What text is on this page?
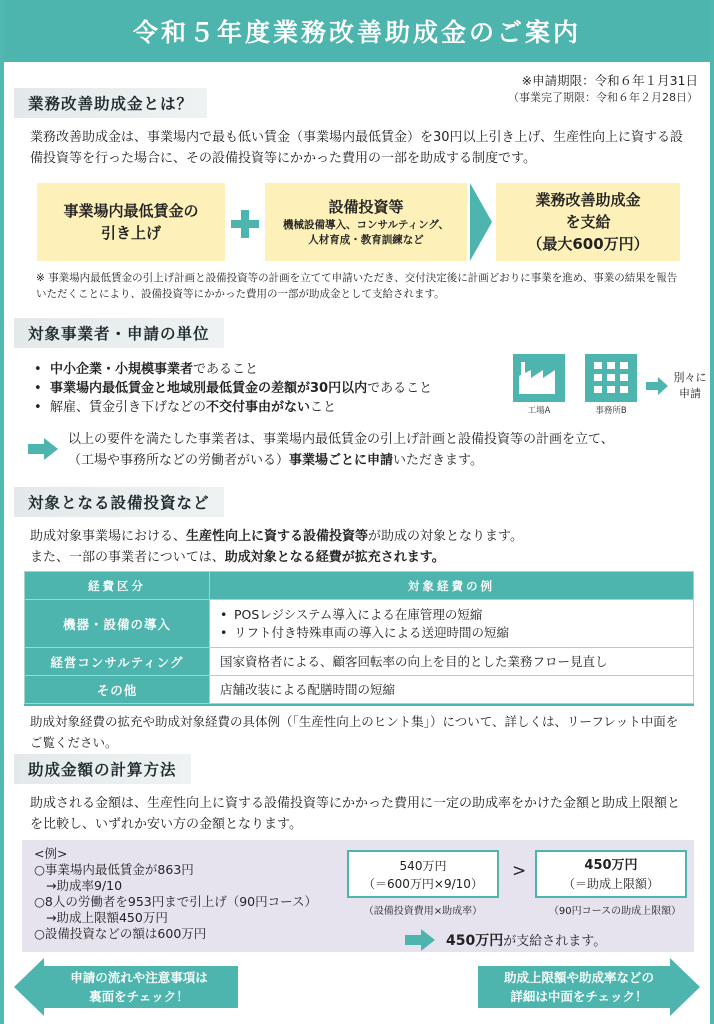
令和５年度業務改善助成金のご案内
※申請期限：令和６年１月31日
（事業完了期限：令和６年２月28日）
業務改善助成金とは？
業務改善助成金は、事業場内で最も低い賃金（事業場内最低賃金）を30円以上引き上げ、生産性向上に資する設備投資等を行った場合に、その設備投資等にかかった費用の一部を助成する制度です。
事業場内最低賃金の
引き上げ
設備投資等
機械設備導入、コンサルティング、
人材育成・教育訓練など
業務改善助成金
を支給
（最大600万円）
※ 事業場内最低賃金の引上げ計画と設備投資等の計画を立てて申請いただき、交付決定後に計画どおりに事業を進め、事業の結果を報告いただくことにより、設備投資等にかかった費用の一部が助成金として支給されます。
対象事業者・申請の単位
• 中小企業・小規模事業者であること
• 事業場内最低賃金と地域別最低賃金の差額が30円以内であること
• 解雇、賃金引き下げなどの不交付事由がないこと	工場A	事務所B
別々に
申請
以上の要件を満たした事業者は、事業場内最低賃金の引上げ計画と設備投資等の計画を立て、
（工場や事務所などの労働者がいる）事業場ごとに申請いただきます。
対象となる設備投資など
助成対象事業場における、生産性向上に資する設備投資等が助成の対象となります。
また、一部の事業者については、助成対象となる経費が拡充されます。
経費区分	対象経費の例
機器・設備の導入	• POSレジシステム導入による在庫管理の短縮
• リフト付き特殊車両の導入による送迎時間の短縮

経営コンサルティング	国家資格者による、顧客回転率の向上を目的とした業務フロー見直し
その他	店舗改装による配膳時間の短縮
助成対象経費の拡充や助成対象経費の具体例（「生産性向上のヒント集」）について、詳しくは、リーフレット中面をご覧ください。
助成金額の計算方法
助成される金額は、生産性向上に資する設備投資等にかかった費用に一定の助成率をかけた金額と助成上限額とを比較し、いずれか安い方の金額となります。
<例>
○事業場内最低賃金が863円
→助成率9/10
○8人の労働者を953円まで引上げ（90円コース）
→助成上限額450万円
○設備投資などの額は600万円
540万円
（＝600万円×9/10）
>	450万円
（＝助成上限額）
（設備投資費用×助成率）	（90円コースの助成上限額）
450万円が支給されます。
申請の流れや注意事項は
裏面をチェック！
助成上限額や助成率などの
詳細は中面をチェック！
